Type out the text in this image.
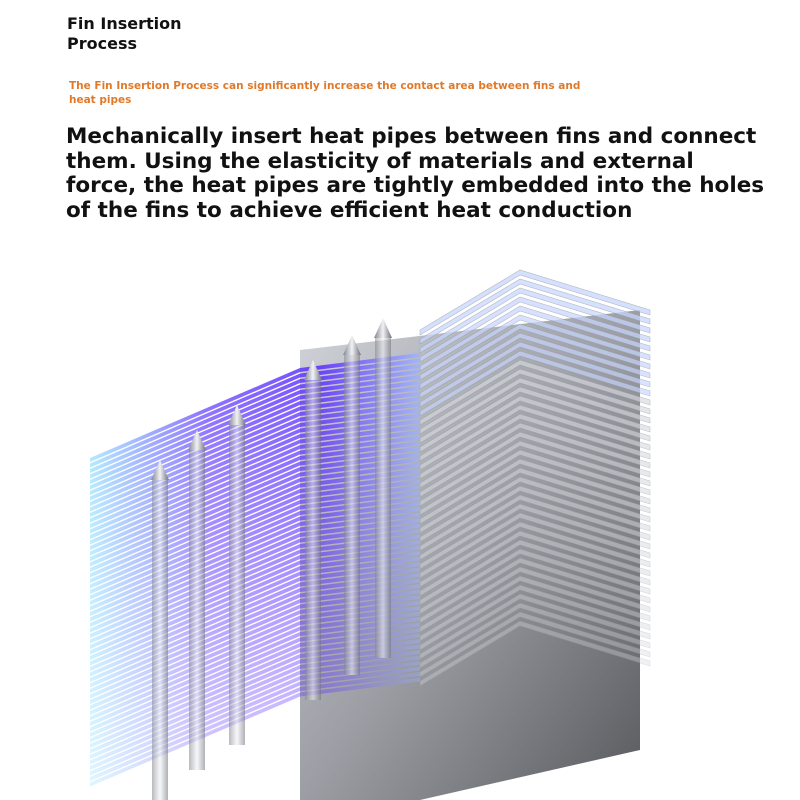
Fin Insertion
Process
The Fin Insertion Process can significantly increase the contact area between fins and heat pipes
Mechanically insert heat pipes between fins and connect them. Using the elasticity of materials and external force, the heat pipes are tightly embedded into the holes of the fins to achieve efficient heat conduction
